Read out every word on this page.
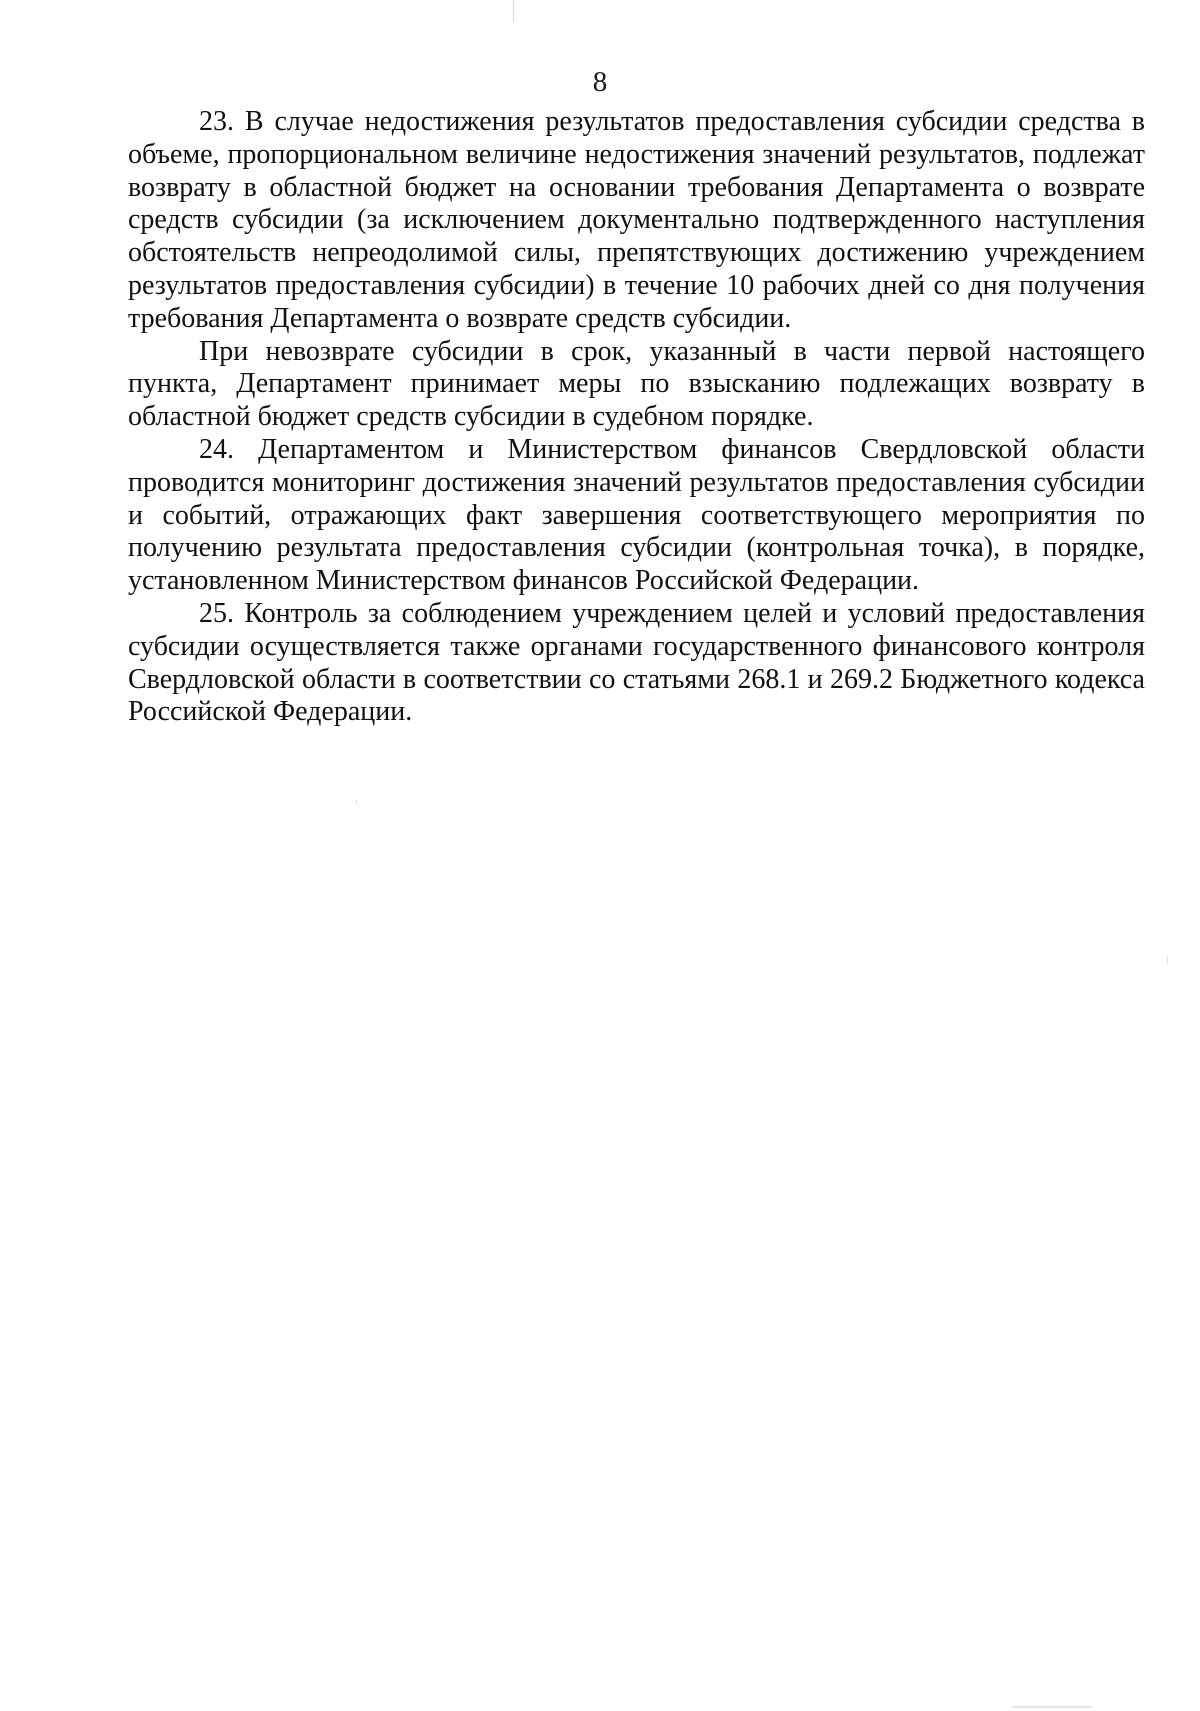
8

23. В случае недостижения результатов предоставления субсидии средства в объеме, пропорциональном величине недостижения значений результатов, подлежат возврату в областной бюджет на основании требования Департамента о возврате средств субсидии (за исключением документально подтвержденного наступления обстоятельств непреодолимой силы, препятствующих достижению учреждением результатов предоставления субсидии) в течение 10 рабочих дней со дня получения требования Департамента о возврате средств субсидии.

При невозврате субсидии в срок, указанный в части первой настоящего пункта, Департамент принимает меры по взысканию подлежащих возврату в областной бюджет средств субсидии в судебном порядке.

24. Департаментом и Министерством финансов Свердловской области проводится мониторинг достижения значений результатов предоставления субсидии и событий, отражающих факт завершения соответствующего мероприятия по получению результата предоставления субсидии (контрольная точка), в порядке, установленном Министерством финансов Российской Федерации.

25. Контроль за соблюдением учреждением целей и условий предоставления субсидии осуществляется также органами государственного финансового контроля Свердловской области в соответствии со статьями 268.1 и 269.2 Бюджетного кодекса Российской Федерации.
